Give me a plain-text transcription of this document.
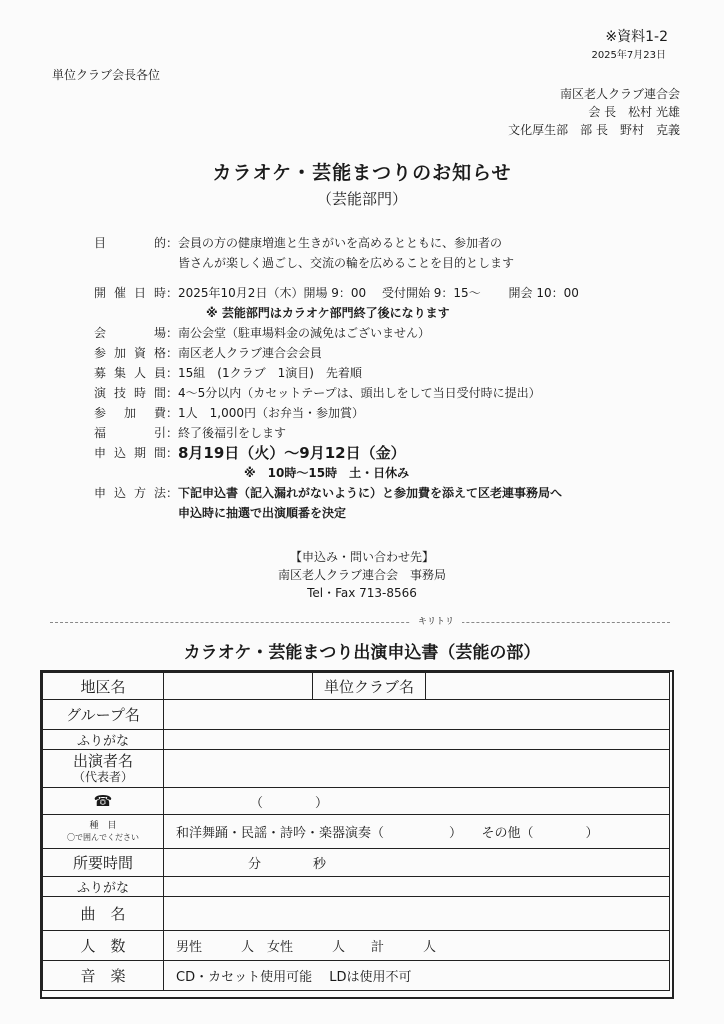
※資料1-2
2025年7月23日
単位クラブ会長各位
南区老人クラブ連合会
会 長　松村 光雄
文化厚生部　部 長　野村　克義
カラオケ・芸能まつりのお知らせ
（芸能部門）
目　　的 ： 会員の方の健康増進と生きがいを高めるとともに、参加者の
皆さんが楽しく過ごし、交流の輪を広めることを目的とします
開催日時 ： 2025年10月2日（木）開場 9：00　 受付開始 9：15～　　 開会 10：00
※ 芸能部門はカラオケ部門終了後になります
会　　場 ： 南公会堂（駐車場料金の減免はございません）
参加資格 ： 南区老人クラブ連合会会員
募集人員 ： 15組　(1クラブ　1演目)　先着順
演技時間 ： 4～5分以内（カセットテープは、頭出しをして当日受付時に提出）
参 加 費 ： 1人　1,000円（お弁当・参加賞）
福　　引 ： 終了後福引をします
申込期間 ： 8月19日（火）～9月12日（金）
※　10時～15時　土・日休み
申込方法 ： 下記申込書（記入漏れがないように）と参加費を添えて区老連事務局へ
申込時に抽選で出演順番を決定
【申込み・問い合わせ先】
南区老人クラブ連合会　事務局
Tel・Fax 713-8566
キリトリ
カラオケ・芸能まつり出演申込書（芸能の部）
地区名		単位クラブ名	
グループ名			
ふりがな			

出演者名
（代表者）			

☎	（　　　　）		

種　目
〇で囲んでください	和洋舞踊・民謡・詩吟・楽器演奏（　　　　　）　　その他（　　　　）		
所要時間	分　　　　秒		
ふりがな			
曲　名			
人　数	男性　　　人　女性　　　人　　計　　　人		
音　楽	CD・カセット使用可能　 LDは使用不可		
